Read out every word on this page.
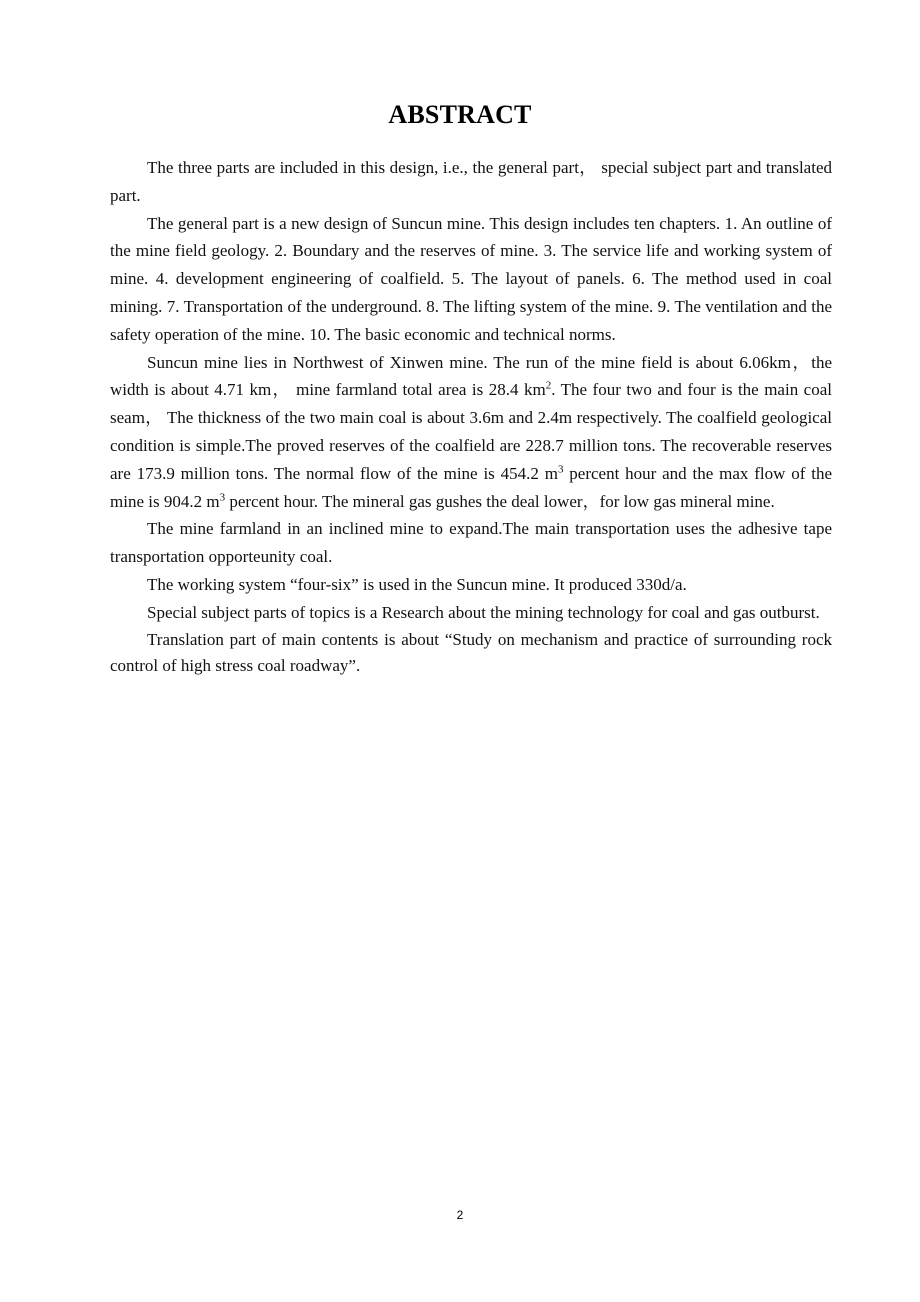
ABSTRACT

The three parts are included in this design, i.e., the general part， special subject part and translated part.

The general part is a new design of Suncun mine. This design includes ten chapters. 1. An outline of the mine field geology. 2. Boundary and the reserves of mine. 3. The service life and working system of mine. 4. development engineering of coalfield. 5. The layout of panels. 6. The method used in coal mining. 7. Transportation of the underground. 8. The lifting system of the mine. 9. The ventilation and the safety operation of the mine. 10. The basic economic and technical norms.

Suncun mine lies in Northwest of Xinwen mine. The run of the mine field is about 6.06km，the width is about 4.71 km， mine farmland total area is 28.4 $km^2$. The four two and four is the main coal seam， The thickness of the two main coal is about 3.6m and 2.4m respectively. The coalfield geological condition is simple.The proved reserves of the coalfield are 228.7 million tons. The recoverable reserves are 173.9 million tons. The normal flow of the mine is 454.2 $m^3$ percent hour and the max flow of the mine is 904.2 $m^3$ percent hour. The mineral gas gushes the deal lower，for low gas mineral mine.

The mine farmland in an inclined mine to expand.The main transportation uses the adhesive tape transportation opporteunity coal.

The working system “four-six” is used in the Suncun mine. It produced 330d/a.

Special subject parts of topics is a Research about the mining technology for coal and gas outburst.

Translation part of main contents is about “Study on mechanism and practice of surrounding rock control of high stress coal roadway”.

2
